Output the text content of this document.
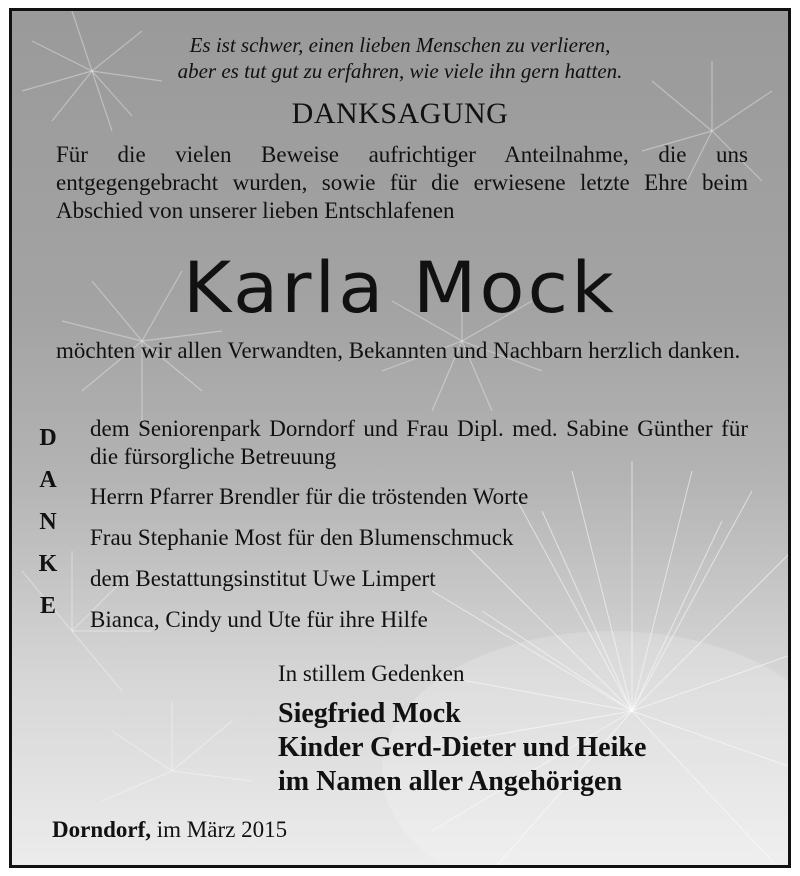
Es ist schwer, einen lieben Menschen zu verlieren,
aber es tut gut zu erfahren, wie viele ihn gern hatten.
DANKSAGUNG
Für die vielen Beweise aufrichtiger Anteilnahme, die uns entgegengebracht wurden, sowie für die erwiesene letzte Ehre beim Abschied von unserer lieben Entschlafenen
Karla Mock
möchten wir allen Verwandten, Bekannten und Nachbarn herzlich danken.
D
A
N
K
E
dem Seniorenpark Dorndorf und Frau Dipl. med. Sabine Günther für die fürsorgliche Betreuung
Herrn Pfarrer Brendler für die tröstenden Worte
Frau Stephanie Most für den Blumenschmuck
dem Bestattungsinstitut Uwe Limpert
Bianca, Cindy und Ute für ihre Hilfe
In stillem Gedenken
Siegfried Mock
Kinder Gerd-Dieter und Heike
im Namen aller Angehörigen
Dorndorf, im März 2015
